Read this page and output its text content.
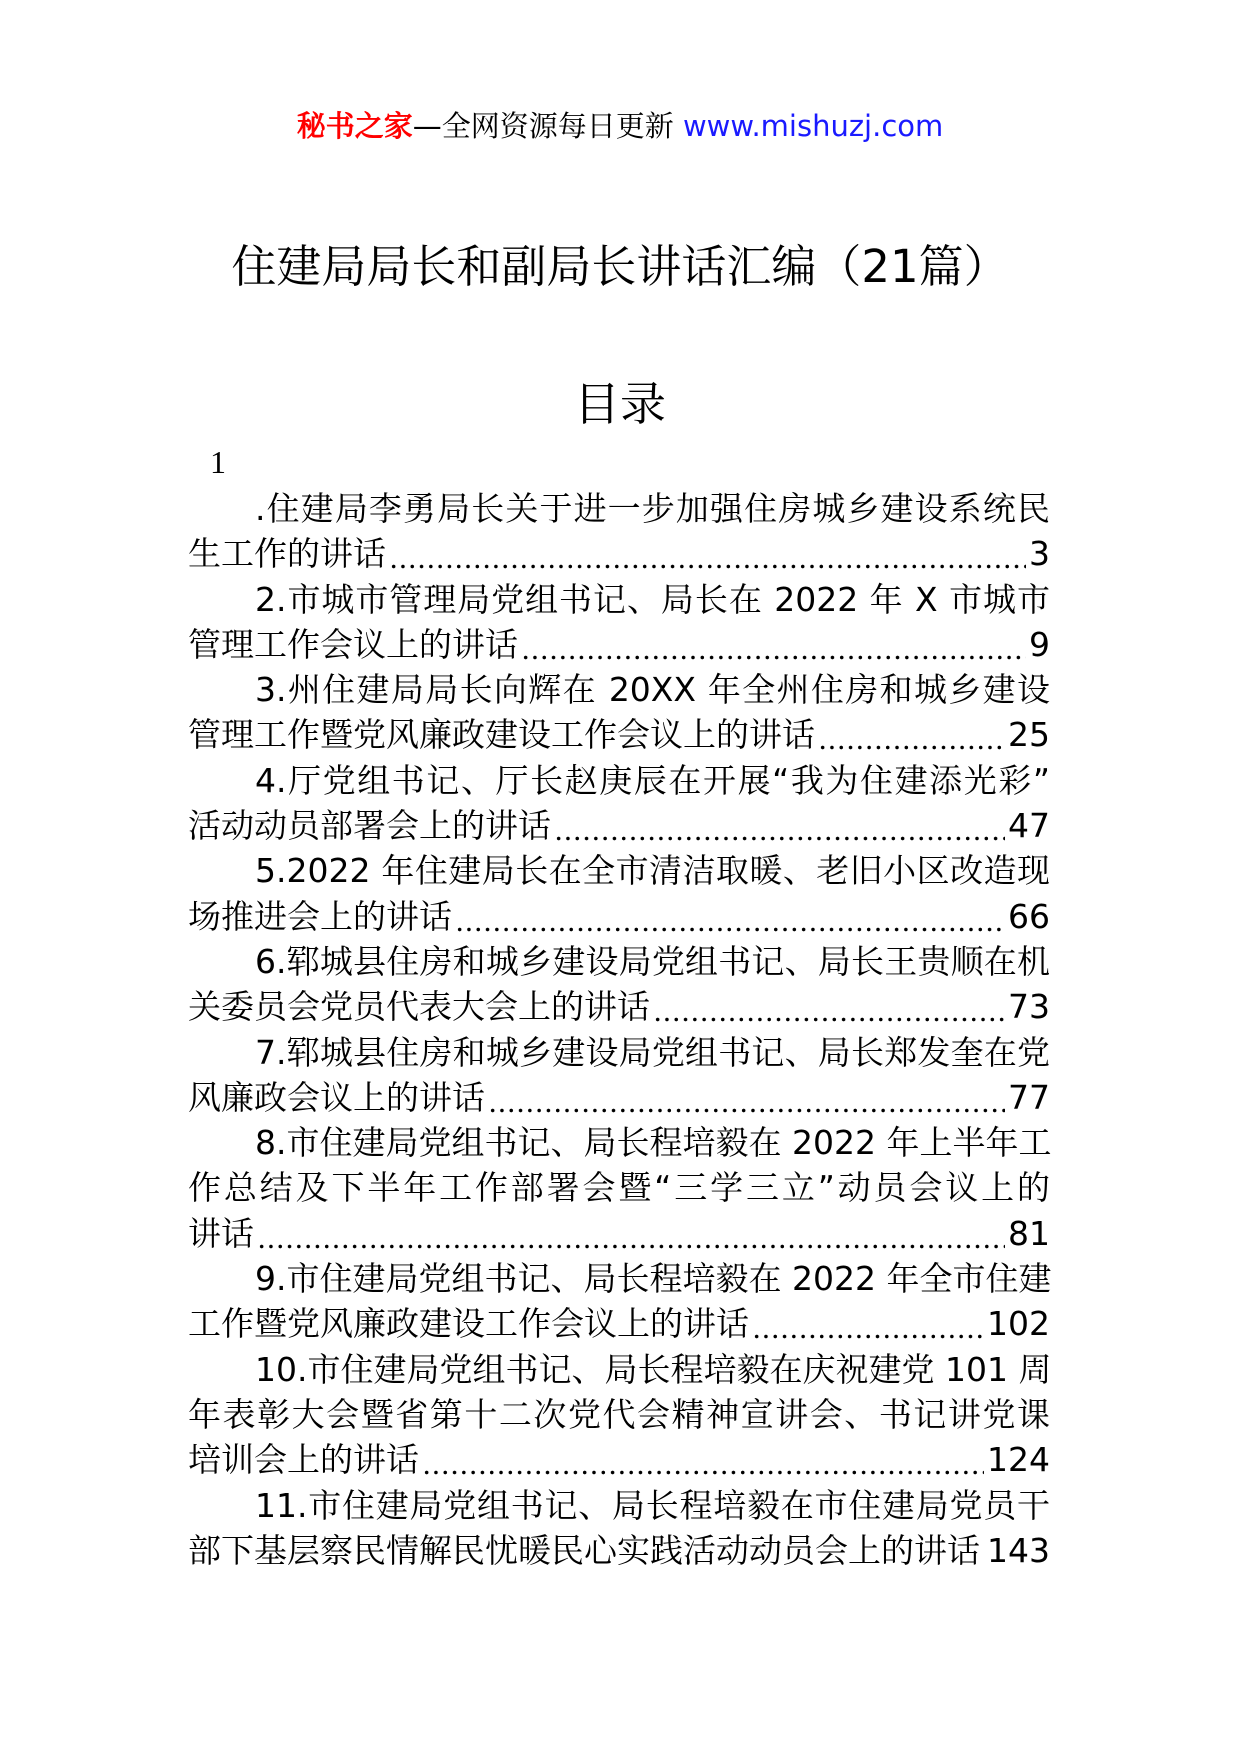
秘书之家—全网资源每日更新 www.mishuzj.com
住建局局长和副局长讲话汇编（21篇）
目录
1
.住建局李勇局长关于进一步加强住房城乡建设系统民
生工作的讲话	3
2.市城市管理局党组书记、局长在 2022 年 X 市城市
管理工作会议上的讲话	9
3.州住建局局长向辉在 20XX 年全州住房和城乡建设
管理工作暨党风廉政建设工作会议上的讲话	25
4.厅党组书记、厅长赵庚辰在开展“我为住建添光彩”
活动动员部署会上的讲话	47
5.2022 年住建局长在全市清洁取暖、老旧小区改造现
场推进会上的讲话	66
6.郓城县住房和城乡建设局党组书记、局长王贵顺在机
关委员会党员代表大会上的讲话	73
7.郓城县住房和城乡建设局党组书记、局长郑发奎在党
风廉政会议上的讲话	77
8.市住建局党组书记、局长程培毅在 2022 年上半年工
作总结及下半年工作部署会暨“三学三立”动员会议上的
讲话	81
9.市住建局党组书记、局长程培毅在 2022 年全市住建
工作暨党风廉政建设工作会议上的讲话	102
10.市住建局党组书记、局长程培毅在庆祝建党 101 周
年表彰大会暨省第十二次党代会精神宣讲会、书记讲党课
培训会上的讲话	124
11.市住建局党组书记、局长程培毅在市住建局党员干
部下基层察民情解民忧暖民心实践活动动员会上的讲话 143
